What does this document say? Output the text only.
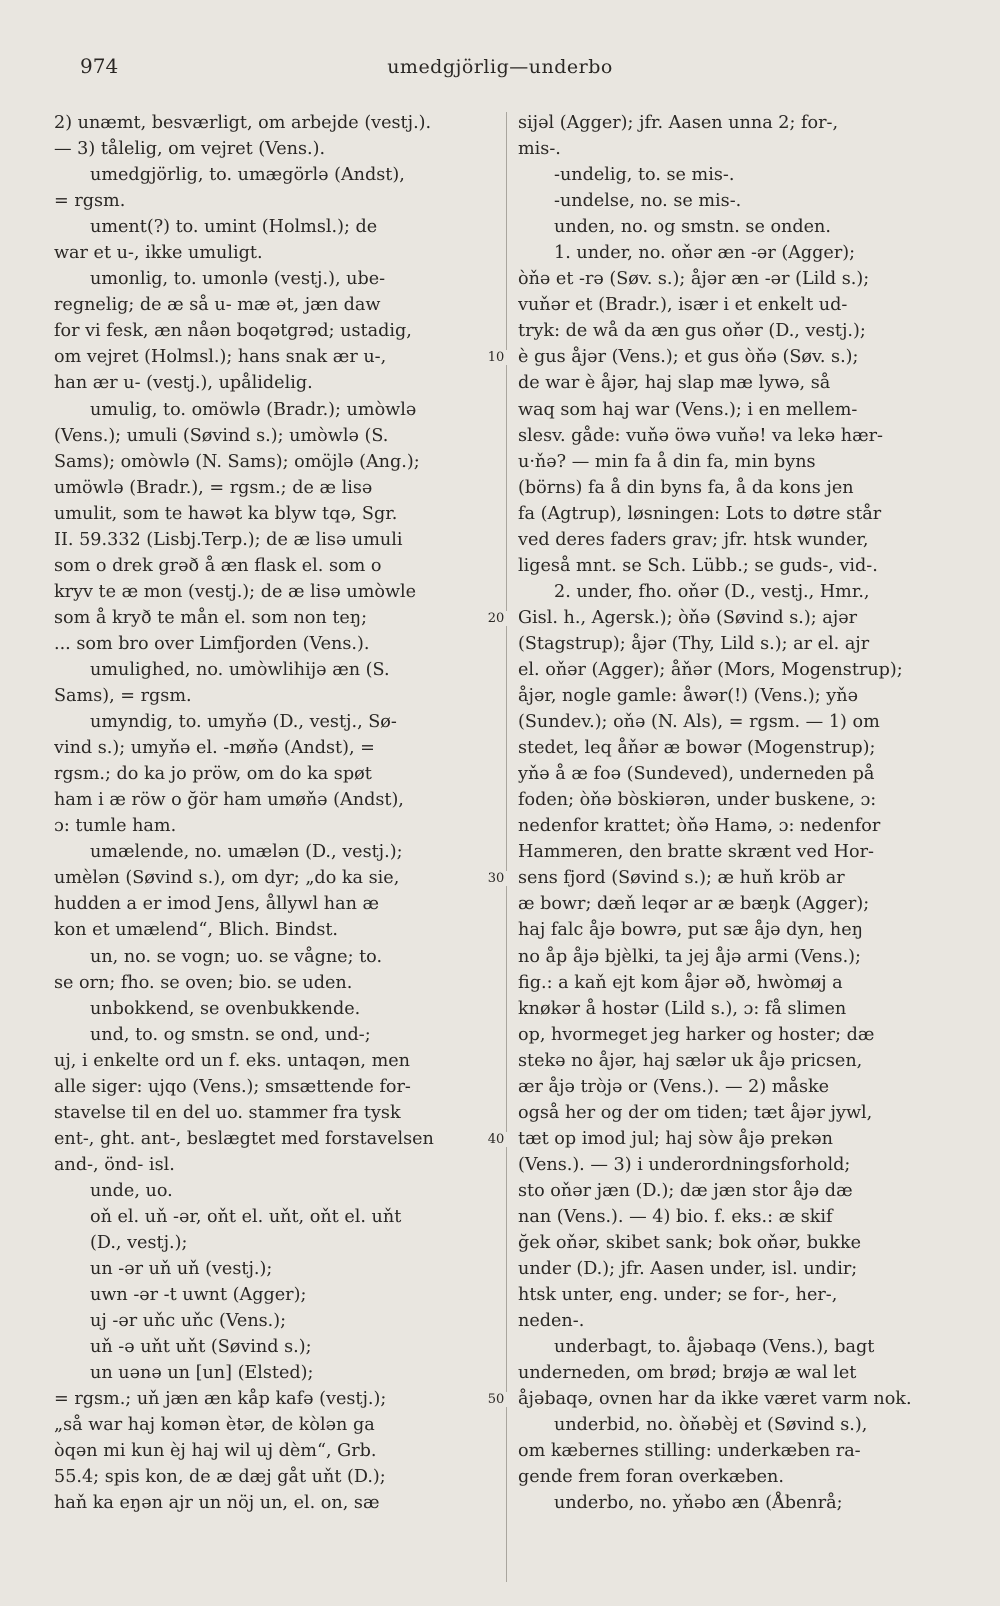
974	umedgjörlig—underbo
2) unæmt, besværligt, om arbejde (vestj.).
— 3) tålelig, om vejret (Vens.).
umedgjörlig, to. umægörlə (Andst),
= rgsm.
ument(?) to. umint (Holmsl.); de
war et u-, ikke umuligt.
umonlig, to. umonlə (vestj.), ube-
regnelig; de æ så u- mæ ət, jæn daw
for vi fesk, æn nåən boqətgrəd; ustadig,
om vejret (Holmsl.); hans snak ær u-,
han ær u- (vestj.), upålidelig.
umulig, to. omöwlə (Bradr.); umòwlə
(Vens.); umuli (Søvind s.); umòwlə (S.
Sams); omòwlə (N. Sams); omöjlə (Ang.);
umöwlə (Bradr.), = rgsm.; de æ lisə
umulit, som te hawət ka blyw tqə, Sgr.
II. 59.332 (Lisbj.Terp.); de æ lisə umuli
som o drek grəð å æn flask el. som o
kryv te æ mon (vestj.); de æ lisə umòwle
som å kryð te mån el. som non teŋ;
... som bro over Limfjorden (Vens.).
umulighed, no. umòwlihijə æn (S.
Sams), = rgsm.
umyndig, to. umyňə (D., vestj., Sø-
vind s.); umyňə el. -møňə (Andst), =
rgsm.; do ka jo pröw, om do ka spøt
ham i æ röw o ğör ham umøňə (Andst),
ɔ: tumle ham.
umælende, no. umælən (D., vestj.);
umèlən (Søvind s.), om dyr; „do ka sie,
hudden a er imod Jens, ållywl han æ
kon et umælend“, Blich. Bindst.
un, no. se vogn; uo. se vågne; to.
se orn; fho. se oven; bio. se uden.
unbokkend, se ovenbukkende.
und, to. og smstn. se ond, und-;
uj, i enkelte ord un f. eks. untaqən, men
alle siger: ujqo (Vens.); smsættende for-
stavelse til en del uo. stammer fra tysk
ent-, ght. ant-, beslægtet med forstavelsen
and-, önd- isl.
unde, uo.
oň el. uň -ər, oňt el. uňt, oňt el. uňt
(D., vestj.);
un -ər uň uň (vestj.);
uwn -ər -t uwnt (Agger);
uj -ər uňc uňc (Vens.);
uň -ə uňt uňt (Søvind s.);
un uənə un [un] (Elsted);
= rgsm.; uň jæn æn kåp kafə (vestj.);
„så war haj komən ètər, de kòlən ga
òqən mi kun èj haj wil uj dèm“, Grb.
55.4; spis kon, de æ dæj gåt uňt (D.);
haň ka eŋən ajr un nöj un, el. on, sæ
sijəl (Agger); jfr. Aasen unna 2; for-,
mis-.
-undelig, to. se mis-.
-undelse, no. se mis-.
unden, no. og smstn. se onden.
1. under, no. oňər æn -ər (Agger);
òňə et -rə (Søv. s.); åjər æn -ər (Lild s.);
vuňər et (Bradr.), især i et enkelt ud-
tryk: de wå da æn gus oňər (D., vestj.);
è gus åjər (Vens.); et gus òňə (Søv. s.);
de war è åjər, haj slap mæ lywə, så
waq som haj war (Vens.); i en mellem-
slesv. gåde: vuňə öwə vuňə! va lekə hær-
u·ňə? — min fa å din fa, min byns
(börns) fa å din byns fa, å da kons jen
fa (Agtrup), løsningen: Lots to døtre står
ved deres faders grav; jfr. htsk wunder,
ligeså mnt. se Sch. Lübb.; se guds-, vid-.
2. under, fho. oňər (D., vestj., Hmr.,
Gisl. h., Agersk.); òňə (Søvind s.); ajər
(Stagstrup); åjər (Thy, Lild s.); ar el. ajr
el. oňər (Agger); åňər (Mors, Mogenstrup);
åjər, nogle gamle: åwər(!) (Vens.); yňə
(Sundev.); oňə (N. Als), = rgsm. — 1) om
stedet, leq åňər æ bowər (Mogenstrup);
yňə å æ foə (Sundeved), underneden på
foden; òňə bòskiərən, under buskene, ɔ:
nedenfor krattet; òňə Hamə, ɔ: nedenfor
Hammeren, den bratte skrænt ved Hor-
sens fjord (Søvind s.); æ huň kröb ar
æ bowr; dæň leqər ar æ bæŋk (Agger);
haj falc åjə bowrə, put sæ åjə dyn, heŋ
no åp åjə bjèlki, ta jej åjə armi (Vens.);
fig.: a kaň ejt kom åjər əð, hwòmøj a
knøkər å hostər (Lild s.), ɔ: få slimen
op, hvormeget jeg harker og hoster; dæ
stekə no åjər, haj sælər uk åjə pricsen,
ær åjə tròjə or (Vens.). — 2) måske
også her og der om tiden; tæt åjər jywl,
tæt op imod jul; haj sòw åjə prekən
(Vens.). — 3) i underordningsforhold;
sto oňər jæn (D.); dæ jæn stor åjə dæ
nan (Vens.). — 4) bio. f. eks.: æ skif
ğek oňər, skibet sank; bok oňər, bukke
under (D.); jfr. Aasen under, isl. undir;
htsk unter, eng. under; se for-, her-,
neden-.
underbagt, to. åjəbaqə (Vens.), bagt
underneden, om brød; brøjə æ wal let
åjəbaqə, ovnen har da ikke været varm nok.
underbid, no. òňəbèj et (Søvind s.),
om kæbernes stilling: underkæben ra-
gende frem foran overkæben.
underbo, no. yňəbo æn (Åbenrå;
10
20
30
40
50
